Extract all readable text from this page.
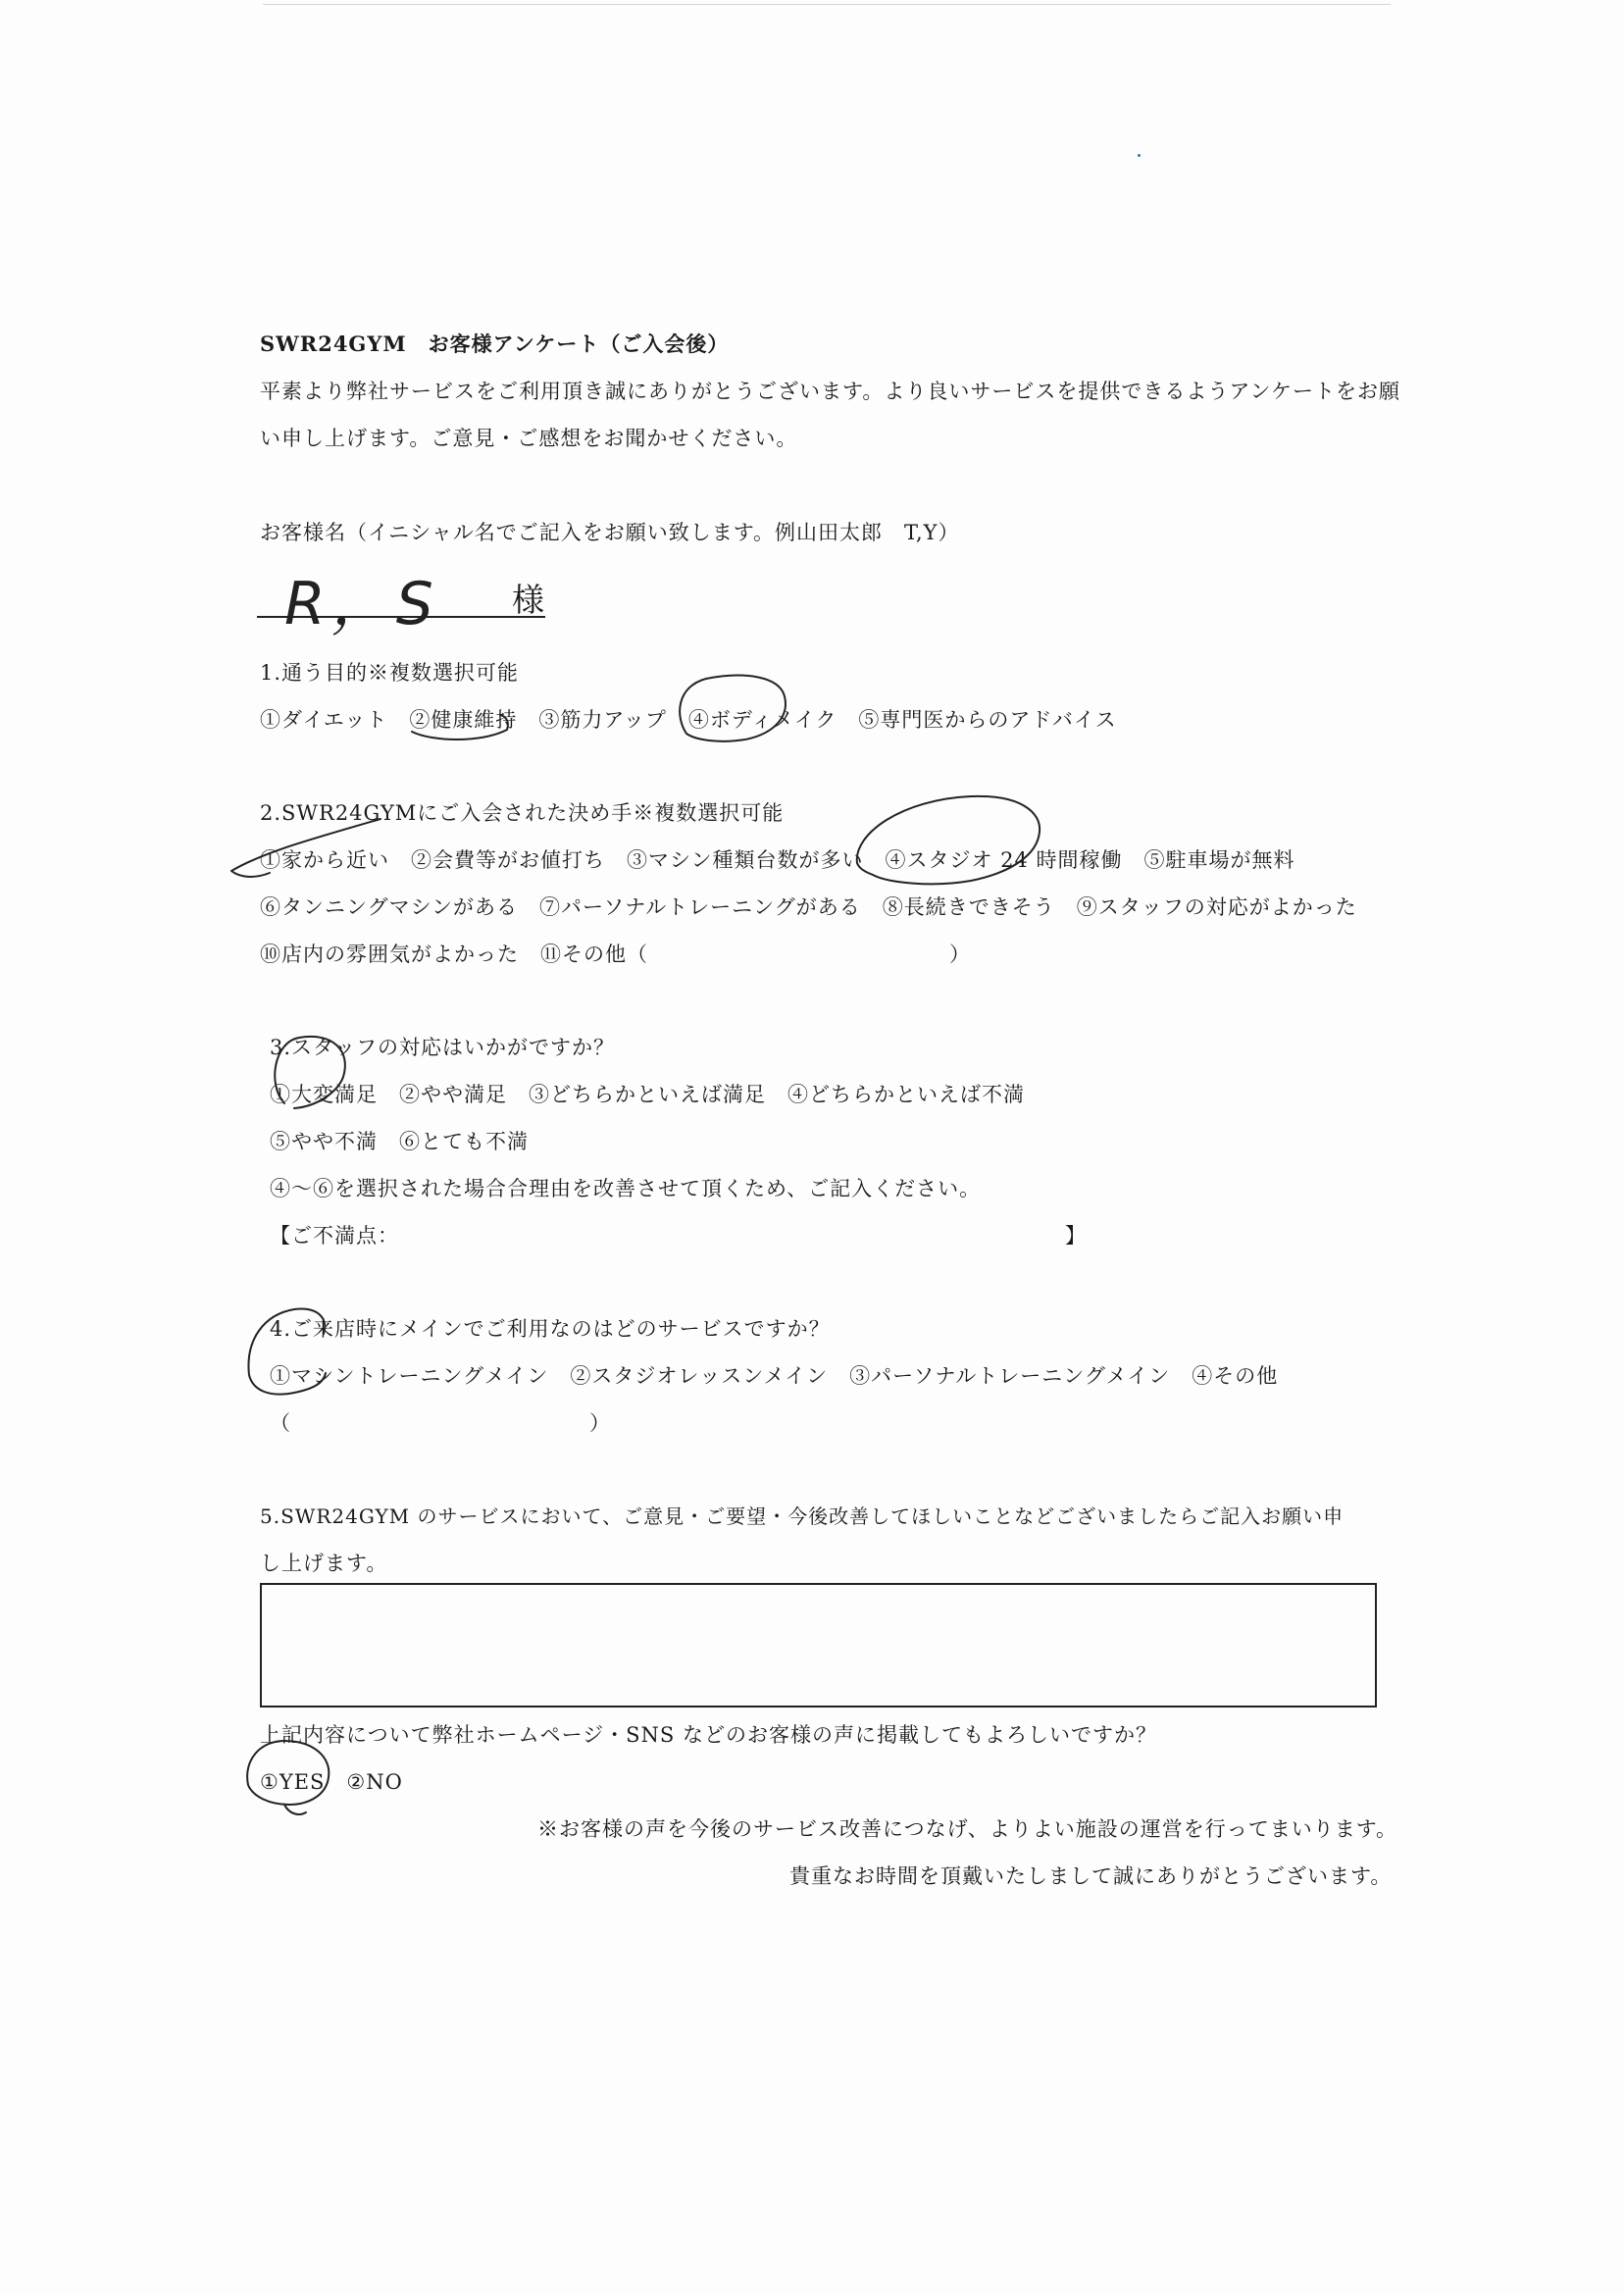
SWR24GYM　お客様アンケート（ご入会後）
平素より弊社サービスをご利用頂き誠にありがとうございます。より良いサービスを提供できるようアンケートをお願
い申し上げます。ご意見・ご感想をお聞かせください。
お客様名（イニシャル名でご記入をお願い致します。例山田太郎　T,Y）
R，S 様
1.通う目的※複数選択可能
①ダイエット　②健康維持　③筋力アップ　④ボディメイク　⑤専門医からのアドバイス
2.SWR24GYMにご入会された決め手※複数選択可能
①家から近い　②会費等がお値打ち　③マシン種類台数が多い　④スタジオ 24 時間稼働　⑤駐車場が無料
⑥タンニングマシンがある　⑦パーソナルトレーニングがある　⑧長続きできそう　⑨スタッフの対応がよかった
⑩店内の雰囲気がよかった　⑪その他（	）
3.スタッフの対応はいかがですか？
①大変満足　②やや満足　③どちらかといえば満足　④どちらかといえば不満
⑤やや不満　⑥とても不満
④〜⑥を選択された場合合理由を改善させて頂くため、ご記入ください。
【ご不満点：	】
4.ご来店時にメインでご利用なのはどのサービスですか？
①マシントレーニングメイン　②スタジオレッスンメイン　③パーソナルトレーニングメイン　④その他
（	）
5.SWR24GYM のサービスにおいて、ご意見・ご要望・今後改善してほしいことなどございましたらご記入お願い申
し上げます。
上記内容について弊社ホームページ・SNS などのお客様の声に掲載してもよろしいですか？
①YES　②NO
※お客様の声を今後のサービス改善につなげ、よりよい施設の運営を行ってまいります。
貴重なお時間を頂戴いたしまして誠にありがとうございます。
